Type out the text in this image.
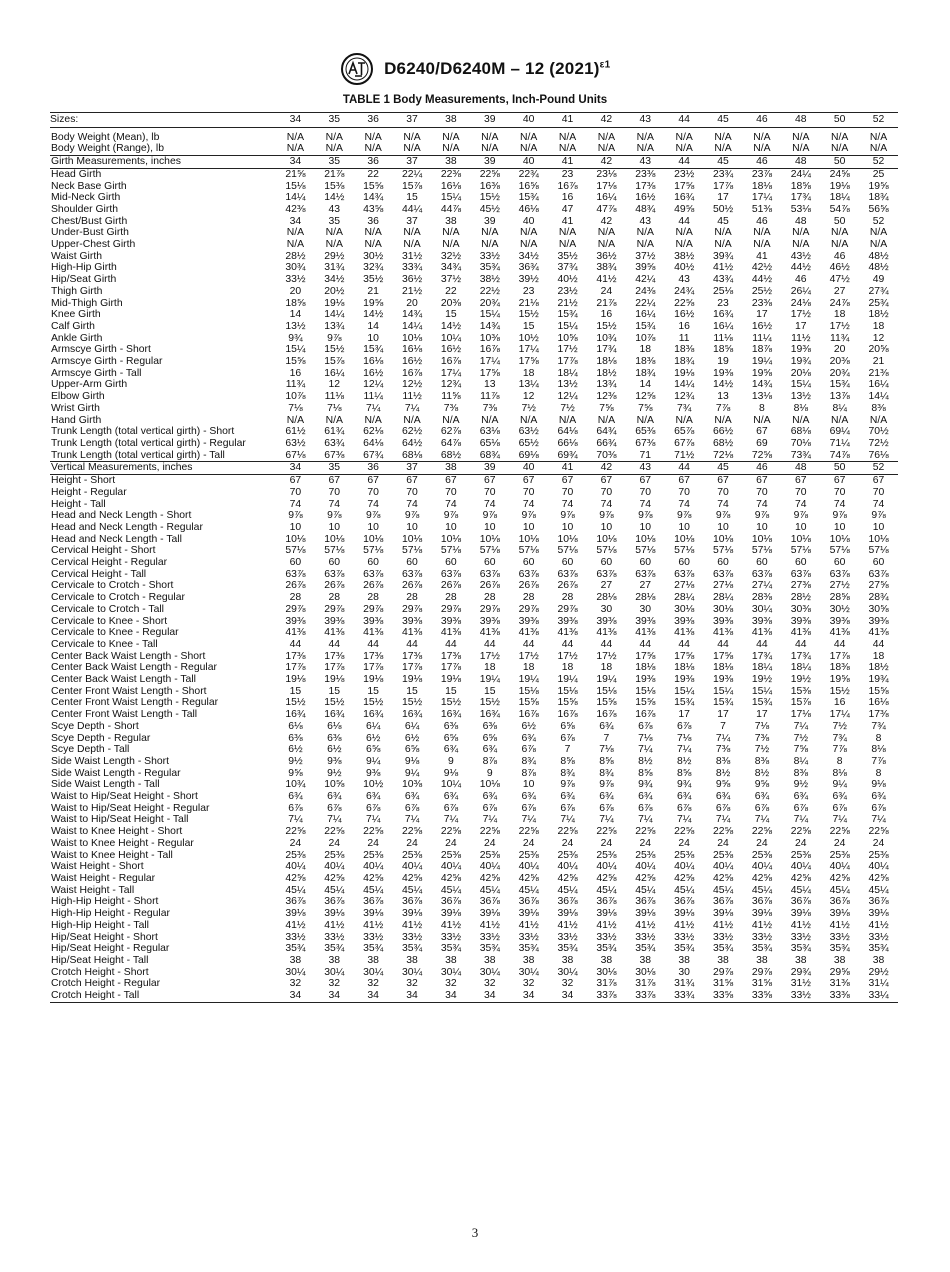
D6240/D6240M – 12 $(2021)^{\varepsilon 1}$
TABLE 1 Body Measurements, Inch-Pound Units
Sizes:	34	35	36	37	38	39	40	41	42	43	44	45	46	48	50	52
Body Weight (Mean), lb	N/A	N/A	N/A	N/A	N/A	N/A	N/A	N/A	N/A	N/A	N/A	N/A	N/A	N/A	N/A	N/A
Body Weight (Range), lb	N/A	N/A	N/A	N/A	N/A	N/A	N/A	N/A	N/A	N/A	N/A	N/A	N/A	N/A	N/A	N/A
Girth Measurements, inches	34	35	36	37	38	39	40	41	42	43	44	45	46	48	50	52
Head Girth	21⅝	21⅞	22	22¼	22⅜	22⅝	22¾	23	23⅛	23⅜	23½	23¾	23⅞	24¼	24⅝	25
Neck Base Girth	15⅛	15⅜	15⅝	15⅞	16⅛	16⅜	16⅝	16⅞	17⅛	17⅜	17⅝	17⅞	18⅛	18⅝	19⅛	19⅝
Mid-Neck Girth	14¼	14½	14¾	15	15¼	15½	15¾	16	16¼	16½	16¾	17	17¼	17¾	18¼	18¾
Shoulder Girth	42⅜	43	43⅝	44¼	44⅞	45½	46⅛	47	47⅞	48¾	49⅝	50½	51⅜	53⅛	54⅞	56⅝
Chest/Bust Girth	34	35	36	37	38	39	40	41	42	43	44	45	46	48	50	52
Under-Bust Girth	N/A	N/A	N/A	N/A	N/A	N/A	N/A	N/A	N/A	N/A	N/A	N/A	N/A	N/A	N/A	N/A
Upper-Chest Girth	N/A	N/A	N/A	N/A	N/A	N/A	N/A	N/A	N/A	N/A	N/A	N/A	N/A	N/A	N/A	N/A
Waist Girth	28½	29½	30½	31½	32½	33½	34½	35½	36½	37½	38½	39¾	41	43½	46	48½
High-Hip Girth	30¾	31¾	32¾	33¾	34¾	35¾	36¾	37¾	38¾	39⅝	40½	41½	42½	44½	46½	48½
Hip/Seat Girth	33½	34½	35½	36½	37½	38½	39½	40½	41½	42¼	43	43¾	44½	46	47½	49
Thigh Girth	20	20½	21	21½	22	22½	23	23½	24	24⅜	24¾	25⅛	25½	26¼	27	27¾
Mid-Thigh Girth	18⅝	19⅛	19⅝	20	20⅜	20¾	21⅛	21½	21⅞	22¼	22⅝	23	23⅜	24⅛	24⅞	25¾
Knee Girth	14	14¼	14½	14¾	15	15¼	15½	15¾	16	16¼	16½	16¾	17	17½	18	18½
Calf Girth	13½	13¾	14	14¼	14½	14¾	15	15¼	15½	15¾	16	16¼	16½	17	17½	18
Ankle Girth	9¾	9⅞	10	10⅛	10¼	10⅜	10½	10⅝	10¾	10⅞	11	11⅛	11¼	11½	11¾	12
Armscye Girth - Short	15¼	15½	15¾	16⅛	16½	16⅞	17¼	17½	17¾	18	18⅜	18⅝	18⅞	19⅜	20	20⅝
Armscye Girth - Regular	15⅝	15⅞	16⅛	16½	16⅞	17¼	17⅝	17⅞	18⅛	18⅜	18¾	19	19¼	19¾	20⅜	21
Armscye Girth - Tall	16	16¼	16½	16⅞	17¼	17⅝	18	18¼	18½	18¾	19⅛	19⅜	19⅝	20⅛	20¾	21⅜
Upper-Arm Girth	11¾	12	12¼	12½	12¾	13	13¼	13½	13¾	14	14¼	14½	14¾	15¼	15¾	16¼
Elbow Girth	10⅞	11⅛	11¼	11½	11⅝	11⅞	12	12¼	12⅜	12⅝	12¾	13	13⅛	13½	13⅞	14¼
Wrist Girth	7⅛	7⅛	7¼	7¼	7⅜	7⅜	7½	7½	7⅝	7⅝	7¾	7⅞	8	8⅛	8¼	8⅜
Hand Girth	N/A	N/A	N/A	N/A	N/A	N/A	N/A	N/A	N/A	N/A	N/A	N/A	N/A	N/A	N/A	N/A
Trunk Length (total vertical girth) - Short	61½	61¾	62⅛	62½	62⅞	63⅛	63½	64⅛	64¾	65⅜	65⅞	66½	67	68⅛	69¼	70½
Trunk Length (total vertical girth) - Regular	63½	63¾	64⅛	64½	64⅞	65⅛	65½	66⅛	66¾	67⅜	67⅞	68½	69	70⅛	71¼	72½
Trunk Length (total vertical girth) - Tall	67⅛	67⅜	67¾	68⅛	68½	68¾	69⅛	69¾	70⅜	71	71½	72⅛	72⅝	73¾	74⅞	76⅛
Vertical Measurements, inches	34	35	36	37	38	39	40	41	42	43	44	45	46	48	50	52
Height - Short	67	67	67	67	67	67	67	67	67	67	67	67	67	67	67	67
Height - Regular	70	70	70	70	70	70	70	70	70	70	70	70	70	70	70	70
Height - Tall	74	74	74	74	74	74	74	74	74	74	74	74	74	74	74	74
Head and Neck Length - Short	9⅞	9⅞	9⅞	9⅞	9⅞	9⅞	9⅞	9⅞	9⅞	9⅞	9⅞	9⅞	9⅞	9⅞	9⅞	9⅞
Head and Neck Length - Regular	10	10	10	10	10	10	10	10	10	10	10	10	10	10	10	10
Head and Neck Length - Tall	10⅛	10⅛	10⅛	10⅛	10⅛	10⅛	10⅛	10⅛	10⅛	10⅛	10⅛	10⅛	10⅛	10⅛	10⅛	10⅛
Cervical Height - Short	57⅛	57⅛	57⅛	57⅛	57⅛	57⅛	57⅛	57⅛	57⅛	57⅛	57⅛	57⅛	57⅛	57⅛	57⅛	57⅛
Cervical Height - Regular	60	60	60	60	60	60	60	60	60	60	60	60	60	60	60	60
Cervical Height - Tall	63⅞	63⅞	63⅞	63⅞	63⅞	63⅞	63⅞	63⅞	63⅞	63⅞	63⅞	63⅞	63⅞	63⅞	63⅞	63⅞
Cervicale to Crotch - Short	26⅞	26⅞	26⅞	26⅞	26⅞	26⅞	26⅞	26⅞	27	27	27⅛	27⅛	27¼	27⅜	27½	27⅝
Cervicale to Crotch - Regular	28	28	28	28	28	28	28	28	28⅛	28⅛	28¼	28¼	28⅜	28½	28⅝	28¾
Cervicale to Crotch - Tall	29⅞	29⅞	29⅞	29⅞	29⅞	29⅞	29⅞	29⅞	30	30	30⅛	30⅛	30¼	30⅜	30½	30⅝
Cervicale to Knee - Short	39⅜	39⅜	39⅜	39⅜	39⅜	39⅜	39⅜	39⅜	39⅜	39⅜	39⅜	39⅜	39⅜	39⅜	39⅜	39⅜
Cervicale to Knee - Regular	41⅜	41⅜	41⅜	41⅜	41⅜	41⅜	41⅜	41⅜	41⅜	41⅜	41⅜	41⅜	41⅜	41⅜	41⅜	41⅜
Cervicale to Knee - Tall	44	44	44	44	44	44	44	44	44	44	44	44	44	44	44	44
Center Back Waist Length - Short	17⅜	17⅜	17⅜	17⅜	17⅜	17½	17½	17½	17½	17⅝	17⅝	17⅝	17¾	17¾	17⅞	18
Center Back Waist Length - Regular	17⅞	17⅞	17⅞	17⅞	17⅞	18	18	18	18	18⅛	18⅛	18⅛	18¼	18¼	18⅜	18½
Center Back Waist Length - Tall	19⅛	19⅛	19⅛	19⅛	19⅛	19¼	19¼	19¼	19¼	19⅜	19⅜	19⅜	19½	19½	19⅝	19¾
Center Front Waist Length - Short	15	15	15	15	15	15	15⅛	15⅛	15⅛	15⅛	15¼	15¼	15¼	15⅜	15½	15⅝
Center Front Waist Length - Regular	15½	15½	15½	15½	15½	15½	15⅝	15⅝	15⅝	15⅝	15¾	15¾	15¾	15⅞	16	16⅛
Center Front Waist Length - Tall	16¾	16¾	16¾	16¾	16¾	16¾	16⅞	16⅞	16⅞	16⅞	17	17	17	17⅛	17¼	17⅜
Scye Depth - Short	6⅛	6⅛	6¼	6¼	6⅜	6⅜	6½	6⅝	6¾	6⅞	6⅞	7	7⅛	7¼	7½	7¾
Scye Depth - Regular	6⅜	6⅜	6½	6½	6⅝	6⅝	6¾	6⅞	7	7⅛	7⅛	7¼	7⅜	7½	7¾	8
Scye Depth - Tall	6½	6½	6⅝	6⅝	6¾	6¾	6⅞	7	7⅛	7¼	7¼	7⅜	7½	7⅝	7⅞	8⅛
Side Waist Length - Short	9½	9⅜	9¼	9⅛	9	8⅞	8¾	8⅝	8⅝	8½	8½	8⅜	8⅜	8¼	8	7⅞
Side Waist Length - Regular	9⅝	9½	9⅜	9¼	9⅛	9	8⅞	8¾	8¾	8⅝	8⅝	8½	8½	8⅜	8⅛	8
Side Waist Length - Tall	10¾	10⅝	10½	10⅜	10¼	10⅛	10	9⅞	9⅞	9¾	9¾	9⅝	9⅝	9½	9¼	9⅛
Waist to Hip/Seat Height - Short	6¾	6¾	6¾	6¾	6¾	6¾	6¾	6¾	6¾	6¾	6¾	6¾	6¾	6¾	6¾	6¾
Waist to Hip/Seat Height - Regular	6⅞	6⅞	6⅞	6⅞	6⅞	6⅞	6⅞	6⅞	6⅞	6⅞	6⅞	6⅞	6⅞	6⅞	6⅞	6⅞
Waist to Hip/Seat Height - Tall	7¼	7¼	7¼	7¼	7¼	7¼	7¼	7¼	7¼	7¼	7¼	7¼	7¼	7¼	7¼	7¼
Waist to Knee Height - Short	22⅝	22⅝	22⅝	22⅝	22⅝	22⅝	22⅝	22⅝	22⅝	22⅝	22⅝	22⅝	22⅝	22⅝	22⅝	22⅝
Waist to Knee Height - Regular	24	24	24	24	24	24	24	24	24	24	24	24	24	24	24	24
Waist to Knee Height - Tall	25⅜	25⅜	25⅜	25⅜	25⅜	25⅜	25⅜	25⅜	25⅜	25⅜	25⅜	25⅜	25⅜	25⅜	25⅜	25⅜
Waist Height - Short	40¼	40¼	40¼	40¼	40¼	40¼	40¼	40¼	40¼	40¼	40¼	40¼	40¼	40¼	40¼	40¼
Waist Height - Regular	42⅝	42⅝	42⅝	42⅝	42⅝	42⅝	42⅝	42⅝	42⅝	42⅝	42⅝	42⅝	42⅝	42⅝	42⅝	42⅝
Waist Height - Tall	45¼	45¼	45¼	45¼	45¼	45¼	45¼	45¼	45¼	45¼	45¼	45¼	45¼	45¼	45¼	45¼
High-Hip Height - Short	36⅞	36⅞	36⅞	36⅞	36⅞	36⅞	36⅞	36⅞	36⅞	36⅞	36⅞	36⅞	36⅞	36⅞	36⅞	36⅞
High-Hip Height - Regular	39⅛	39⅛	39⅛	39⅛	39⅛	39⅛	39⅛	39⅛	39⅛	39⅛	39⅛	39⅛	39⅛	39⅛	39⅛	39⅛
High-Hip Height - Tall	41½	41½	41½	41½	41½	41½	41½	41½	41½	41½	41½	41½	41½	41½	41½	41½
Hip/Seat Height - Short	33½	33½	33½	33½	33½	33½	33½	33½	33½	33½	33½	33½	33½	33½	33½	33½
Hip/Seat Height - Regular	35¾	35¾	35¾	35¾	35¾	35¾	35¾	35¾	35¾	35¾	35¾	35¾	35¾	35¾	35¾	35¾
Hip/Seat Height - Tall	38	38	38	38	38	38	38	38	38	38	38	38	38	38	38	38
Crotch Height - Short	30¼	30¼	30¼	30¼	30¼	30¼	30¼	30¼	30⅛	30⅛	30	29⅞	29⅞	29¾	29⅝	29½
Crotch Height - Regular	32	32	32	32	32	32	32	32	31⅞	31⅞	31¾	31⅝	31⅝	31½	31⅜	31¼
Crotch Height - Tall	34	34	34	34	34	34	34	34	33⅞	33⅞	33¾	33⅝	33⅝	33½	33⅜	33¼
3
